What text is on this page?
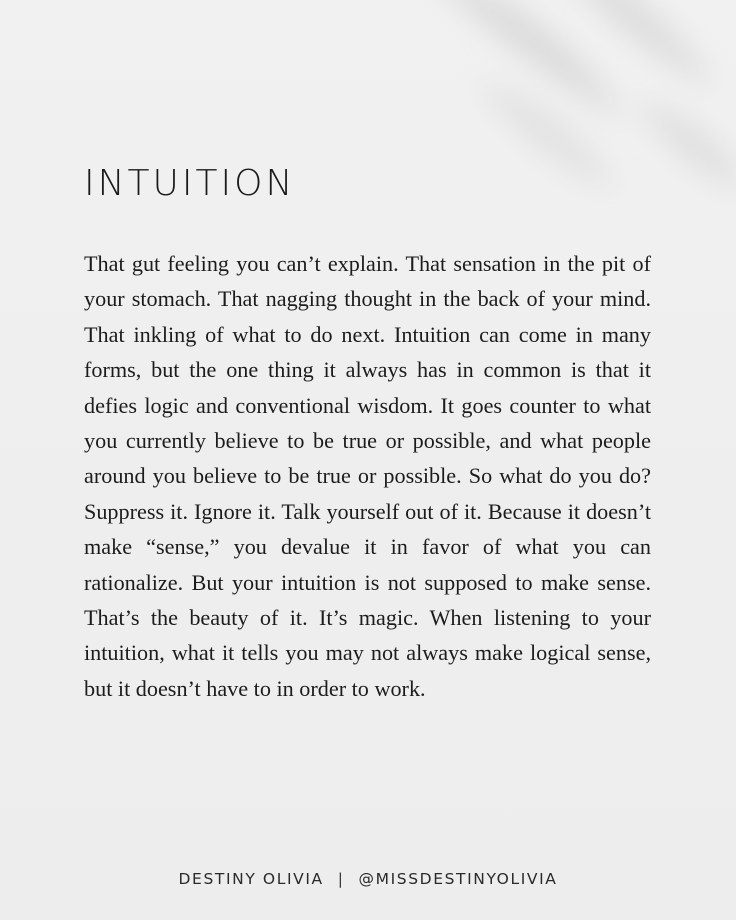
INTUITION
That gut feeling you can’t explain. That sensation in the pit of your stomach. That nagging thought in the back of your mind. That inkling of what to do next. Intuition can come in many forms, but the one thing it always has in common is that it defies logic and conventional wisdom. It goes counter to what you currently believe to be true or possible, and what people around you believe to be true or possible. So what do you do? Suppress it. Ignore it. Talk yourself out of it. Because it doesn’t make “sense,” you devalue it in favor of what you can rationalize. But your intuition is not supposed to make sense. That’s the beauty of it. It’s magic. When listening to your intuition, what it tells you may not always make logical sense, but it doesn’t have to in order to work.
DESTINY OLIVIA | @MISSDESTINYOLIVIA
